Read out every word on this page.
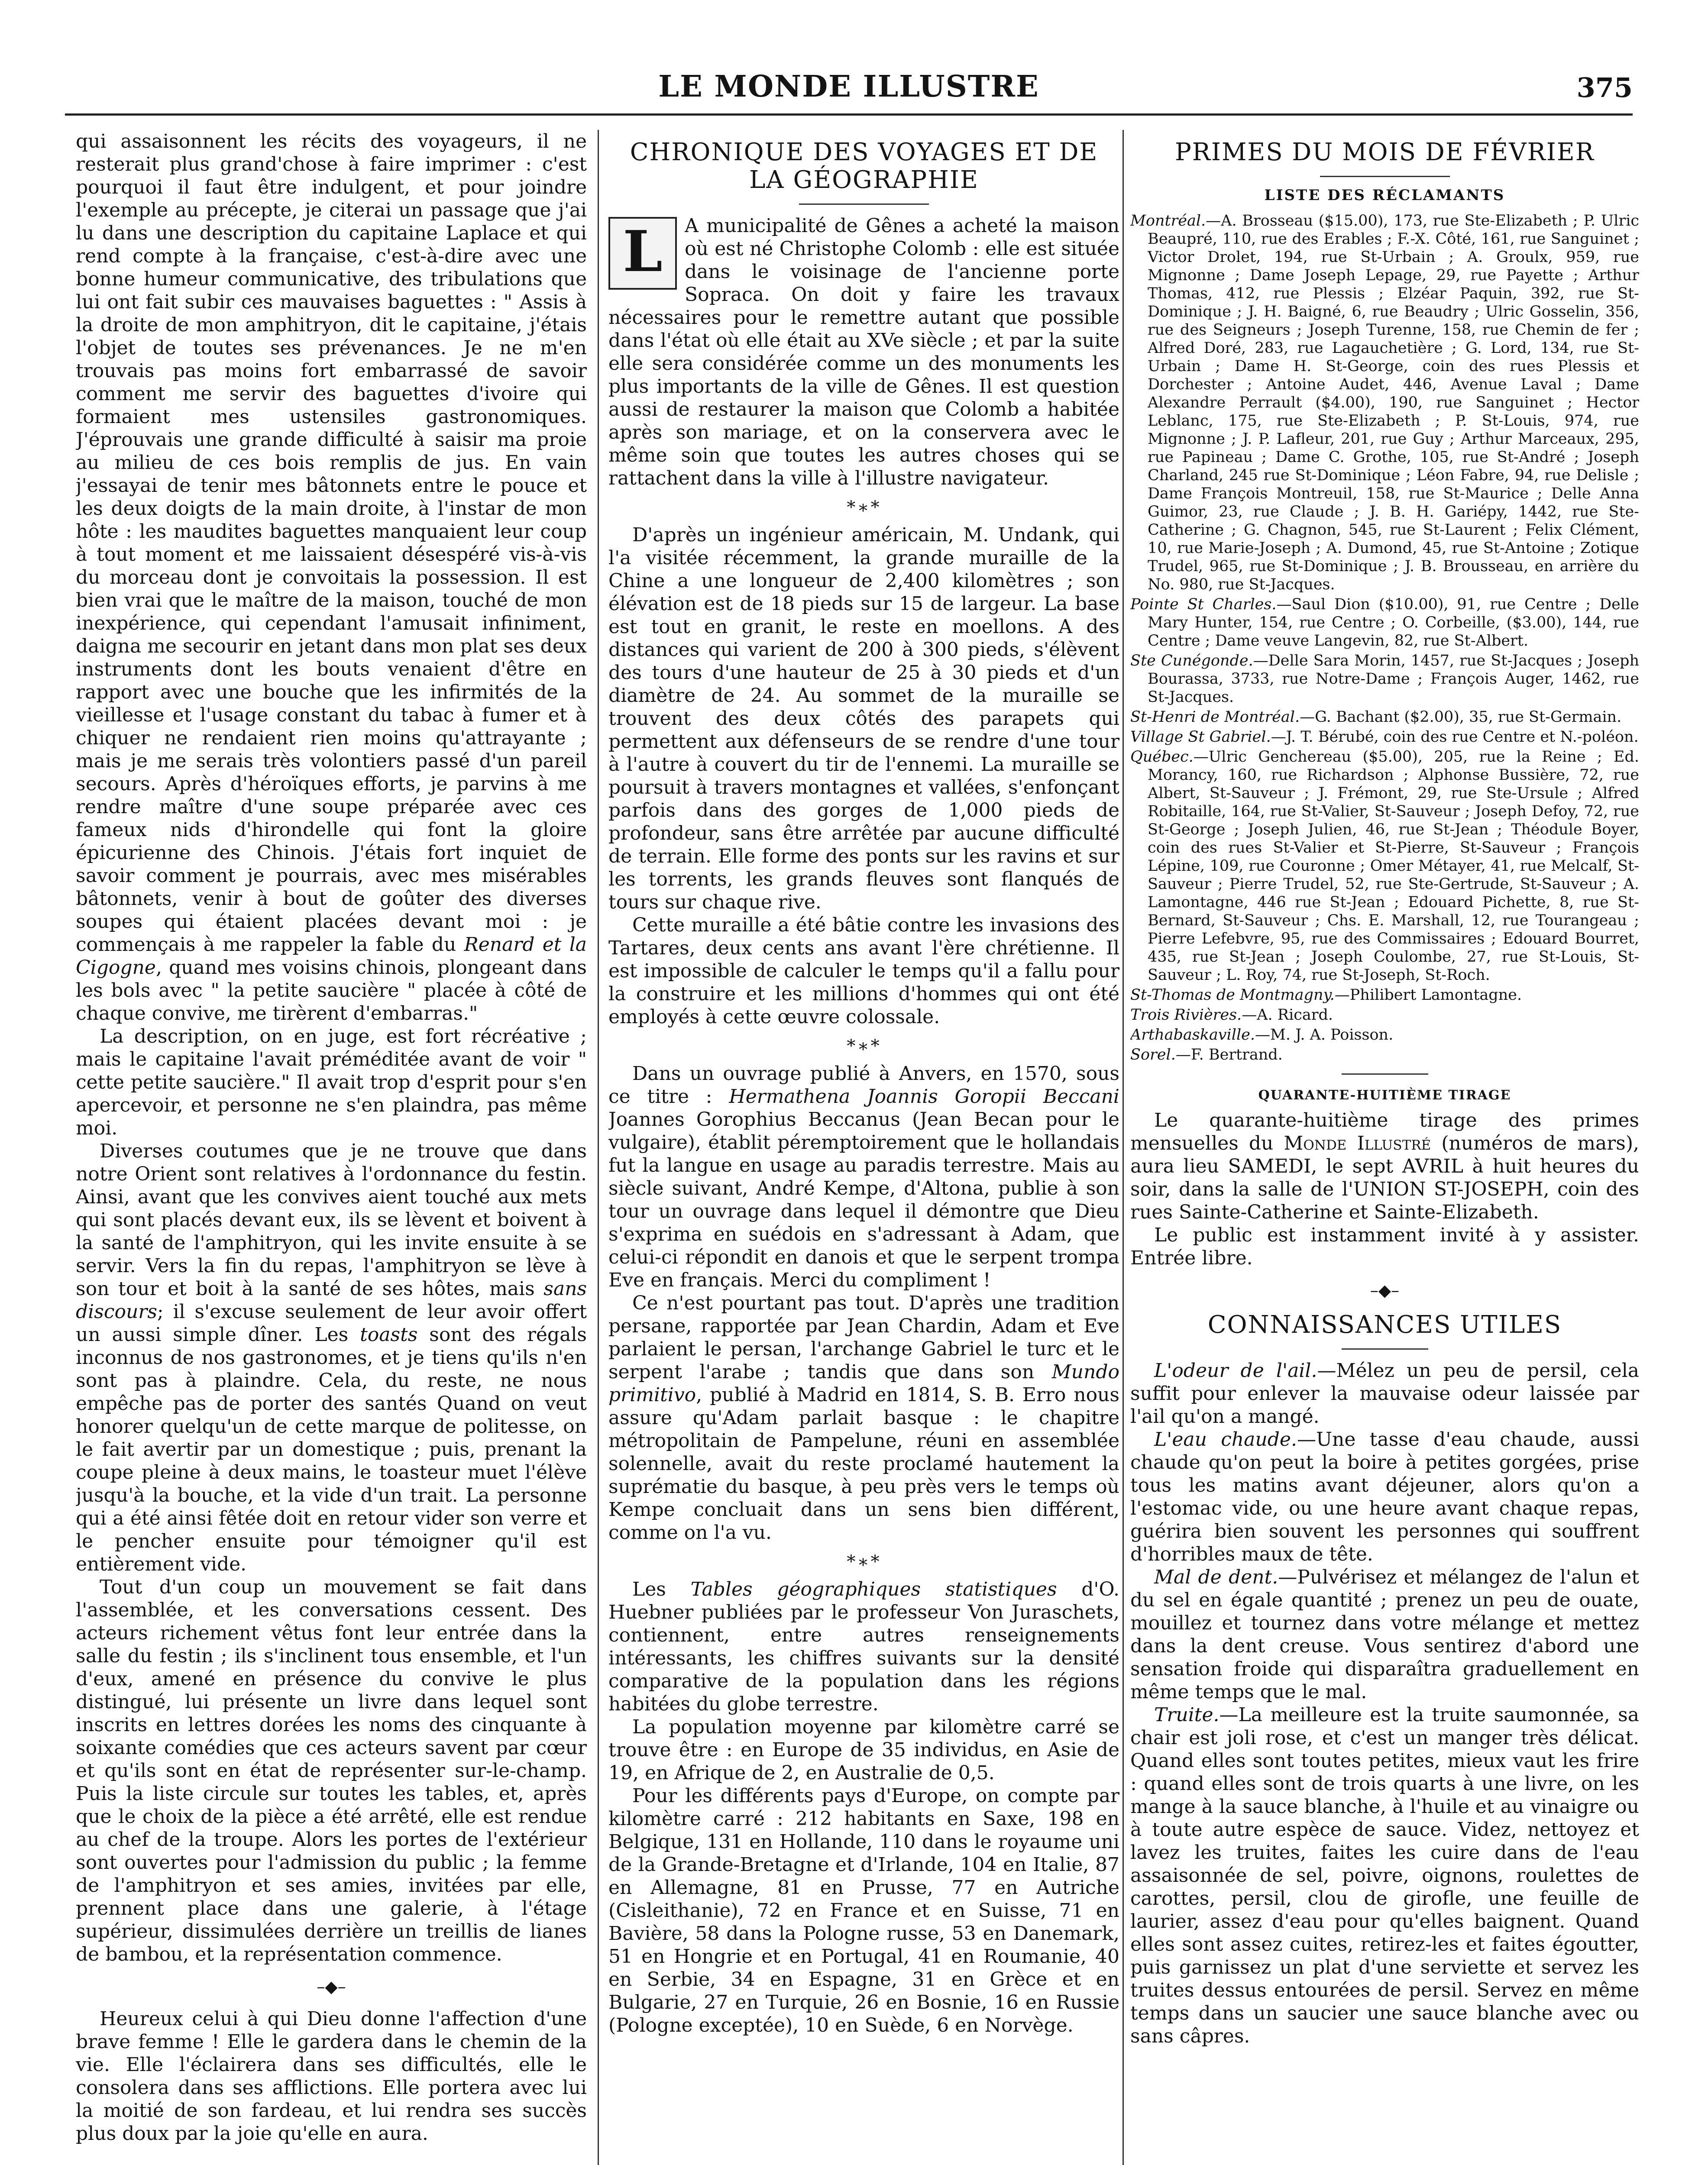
LE MONDE ILLUSTRE	375

qui assaisonnent les récits des voyageurs, il ne resterait plus grand'chose à faire imprimer : c'est pourquoi il faut être indulgent, et pour joindre l'exemple au précepte, je citerai un passage que j'ai lu dans une description du capitaine Laplace et qui rend compte à la française, c'est-à-dire avec une bonne humeur communicative, des tribulations que lui ont fait subir ces mauvaises baguettes : " Assis à la droite de mon amphitryon, dit le capitaine, j'étais l'objet de toutes ses prévenances. Je ne m'en trouvais pas moins fort embarrassé de savoir comment me servir des baguettes d'ivoire qui formaient mes ustensiles gastronomiques. J'éprouvais une grande difficulté à saisir ma proie au milieu de ces bois remplis de jus. En vain j'essayai de tenir mes bâtonnets entre le pouce et les deux doigts de la main droite, à l'instar de mon hôte : les maudites baguettes manquaient leur coup à tout moment et me laissaient désespéré vis-à-vis du morceau dont je convoitais la possession. Il est bien vrai que le maître de la maison, touché de mon inexpérience, qui cependant l'amusait infiniment, daigna me secourir en jetant dans mon plat ses deux instruments dont les bouts venaient d'être en rapport avec une bouche que les infirmités de la vieillesse et l'usage constant du tabac à fumer et à chiquer ne rendaient rien moins qu'attrayante ; mais je me serais très volontiers passé d'un pareil secours. Après d'héroïques efforts, je parvins à me rendre maître d'une soupe préparée avec ces fameux nids d'hirondelle qui font la gloire épicurienne des Chinois. J'étais fort inquiet de savoir comment je pourrais, avec mes misérables bâtonnets, venir à bout de goûter des diverses soupes qui étaient placées devant moi : je commençais à me rappeler la fable du Renard et la Cigogne, quand mes voisins chinois, plongeant dans les bols avec " la petite saucière " placée à côté de chaque convive, me tirèrent d'embarras."

La description, on en juge, est fort récréative ; mais le capitaine l'avait préméditée avant de voir " cette petite saucière." Il avait trop d'esprit pour s'en apercevoir, et personne ne s'en plaindra, pas même moi.

Diverses coutumes que je ne trouve que dans notre Orient sont relatives à l'ordonnance du festin. Ainsi, avant que les convives aient touché aux mets qui sont placés devant eux, ils se lèvent et boivent à la santé de l'amphitryon, qui les invite ensuite à se servir. Vers la fin du repas, l'amphitryon se lève à son tour et boit à la santé de ses hôtes, mais sans discours; il s'excuse seulement de leur avoir offert un aussi simple dîner. Les toasts sont des régals inconnus de nos gastronomes, et je tiens qu'ils n'en sont pas à plaindre. Cela, du reste, ne nous empêche pas de porter des santés Quand on veut honorer quelqu'un de cette marque de politesse, on le fait avertir par un domestique ; puis, prenant la coupe pleine à deux mains, le toasteur muet l'élève jusqu'à la bouche, et la vide d'un trait. La personne qui a été ainsi fêtée doit en retour vider son verre et le pencher ensuite pour témoigner qu'il est entièrement vide.

Tout d'un coup un mouvement se fait dans l'assemblée, et les conversations cessent. Des acteurs richement vêtus font leur entrée dans la salle du festin ; ils s'inclinent tous ensemble, et l'un d'eux, amené en présence du convive le plus distingué, lui présente un livre dans lequel sont inscrits en lettres dorées les noms des cinquante à soixante comédies que ces acteurs savent par cœur et qu'ils sont en état de représenter sur-le-champ. Puis la liste circule sur toutes les tables, et, après que le choix de la pièce a été arrêté, elle est rendue au chef de la troupe. Alors les portes de l'extérieur sont ouvertes pour l'admission du public ; la femme de l'amphitryon et ses amies, invitées par elle, prennent place dans une galerie, à l'étage supérieur, dissimulées derrière un treillis de lianes de bambou, et la représentation commence.

–◆–

Heureux celui à qui Dieu donne l'affection d'une brave femme ! Elle le gardera dans le chemin de la vie. Elle l'éclairera dans ses difficultés, elle le consolera dans ses afflictions. Elle portera avec lui la moitié de son fardeau, et lui rendra ses succès plus doux par la joie qu'elle en aura.

CHRONIQUE DES VOYAGES ET DE LA GÉOGRAPHIE
L	A municipalité de Gênes a acheté la maison où est né Christophe Colomb : elle est située dans le voisinage de l'ancienne porte Sopraca. On doit y faire les travaux nécessaires pour le remettre autant que possible dans l'état où elle était au XVe siècle ; et par la suite elle sera considérée comme un des monuments les plus importants de la ville de Gênes. Il est question aussi de restaurer la maison que Colomb a habitée après son mariage, et on la conservera avec le même soin que toutes les autres choses qui se rattachent dans la ville à l'illustre navigateur.

*∗*

D'après un ingénieur américain, M. Undank, qui l'a visitée récemment, la grande muraille de la Chine a une longueur de 2,400 kilomètres ; son élévation est de 18 pieds sur 15 de largeur. La base est tout en granit, le reste en moellons. A des distances qui varient de 200 à 300 pieds, s'élèvent des tours d'une hauteur de 25 à 30 pieds et d'un diamètre de 24. Au sommet de la muraille se trouvent des deux côtés des parapets qui permettent aux défenseurs de se rendre d'une tour à l'autre à couvert du tir de l'ennemi. La muraille se poursuit à travers montagnes et vallées, s'enfonçant parfois dans des gorges de 1,000 pieds de profondeur, sans être arrêtée par aucune difficulté de terrain. Elle forme des ponts sur les ravins et sur les torrents, les grands fleuves sont flanqués de tours sur chaque rive.

Cette muraille a été bâtie contre les invasions des Tartares, deux cents ans avant l'ère chrétienne. Il est impossible de calculer le temps qu'il a fallu pour la construire et les millions d'hommes qui ont été employés à cette œuvre colossale.

*∗*

Dans un ouvrage publié à Anvers, en 1570, sous ce titre : Hermathena Joannis Goropii Beccani Joannes Gorophius Beccanus (Jean Becan pour le vulgaire), établit péremptoirement que le hollandais fut la langue en usage au paradis terrestre. Mais au siècle suivant, André Kempe, d'Altona, publie à son tour un ouvrage dans lequel il démontre que Dieu s'exprima en suédois en s'adressant à Adam, que celui-ci répondit en danois et que le serpent trompa Eve en français. Merci du compliment !

Ce n'est pourtant pas tout. D'après une tradition persane, rapportée par Jean Chardin, Adam et Eve parlaient le persan, l'archange Gabriel le turc et le serpent l'arabe ; tandis que dans son Mundo primitivo, publié à Madrid en 1814, S. B. Erro nous assure qu'Adam parlait basque : le chapitre métropolitain de Pampelune, réuni en assemblée solennelle, avait du reste proclamé hautement la suprématie du basque, à peu près vers le temps où Kempe concluait dans un sens bien différent, comme on l'a vu.

*∗*

Les Tables géographiques statistiques d'O. Huebner publiées par le professeur Von Juraschets, contiennent, entre autres renseignements intéressants, les chiffres suivants sur la densité comparative de la population dans les régions habitées du globe terrestre.

La population moyenne par kilomètre carré se trouve être : en Europe de 35 individus, en Asie de 19, en Afrique de 2, en Australie de 0,5.

Pour les différents pays d'Europe, on compte par kilomètre carré : 212 habitants en Saxe, 198 en Belgique, 131 en Hollande, 110 dans le royaume uni de la Grande-Bretagne et d'Irlande, 104 en Italie, 87 en Allemagne, 81 en Prusse, 77 en Autriche (Cisleithanie), 72 en France et en Suisse, 71 en Bavière, 58 dans la Pologne russe, 53 en Danemark, 51 en Hongrie et en Portugal, 41 en Roumanie, 40 en Serbie, 34 en Espagne, 31 en Grèce et en Bulgarie, 27 en Turquie, 26 en Bosnie, 16 en Russie (Pologne exceptée), 10 en Suède, 6 en Norvège.

PRIMES DU MOIS DE FÉVRIER
LISTE DES RÉCLAMANTS

Montréal.—A. Brosseau ($15.00), 173, rue Ste-Elizabeth ; P. Ulric Beaupré, 110, rue des Erables ; F.-X. Côté, 161, rue Sanguinet ; Victor Drolet, 194, rue St-Urbain ; A. Groulx, 959, rue Mignonne ; Dame Joseph Lepage, 29, rue Payette ; Arthur Thomas, 412, rue Plessis ; Elzéar Paquin, 392, rue St-Dominique ; J. H. Baigné, 6, rue Beaudry ; Ulric Gosselin, 356, rue des Seigneurs ; Joseph Turenne, 158, rue Chemin de fer ; Alfred Doré, 283, rue Lagauchetière ; G. Lord, 134, rue St-Urbain ; Dame H. St-George, coin des rues Plessis et Dorchester ; Antoine Audet, 446, Avenue Laval ; Dame Alexandre Perrault ($4.00), 190, rue Sanguinet ; Hector Leblanc, 175, rue Ste-Elizabeth ; P. St-Louis, 974, rue Mignonne ; J. P. Lafleur, 201, rue Guy ; Arthur Marceaux, 295, rue Papineau ; Dame C. Grothe, 105, rue St-André ; Joseph Charland, 245 rue St-Dominique ; Léon Fabre, 94, rue Delisle ; Dame François Montreuil, 158, rue St-Maurice ; Delle Anna Guimor, 23, rue Claude ; J. B. H. Gariépy, 1442, rue Ste-Catherine ; G. Chagnon, 545, rue St-Laurent ; Felix Clément, 10, rue Marie-Joseph ; A. Dumond, 45, rue St-Antoine ; Zotique Trudel, 965, rue St-Dominique ; J. B. Brousseau, en arrière du No. 980, rue St-Jacques.

Pointe St Charles.—Saul Dion ($10.00), 91, rue Centre ; Delle Mary Hunter, 154, rue Centre ; O. Corbeille, ($3.00), 144, rue Centre ; Dame veuve Langevin, 82, rue St-Albert.

Ste Cunégonde.—Delle Sara Morin, 1457, rue St-Jacques ; Joseph Bourassa, 3733, rue Notre-Dame ; François Auger, 1462, rue St-Jacques.

St-Henri de Montréal.—G. Bachant ($2.00), 35, rue St-Germain.

Village St Gabriel.—J. T. Bérubé, coin des rue Centre et N.-poléon.

Québec.—Ulric Genchereau ($5.00), 205, rue la Reine ; Ed. Morancy, 160, rue Richardson ; Alphonse Bussière, 72, rue Albert, St-Sauveur ; J. Frémont, 29, rue Ste-Ursule ; Alfred Robitaille, 164, rue St-Valier, St-Sauveur ; Joseph Defoy, 72, rue St-George ; Joseph Julien, 46, rue St-Jean ; Théodule Boyer, coin des rues St-Valier et St-Pierre, St-Sauveur ; François Lépine, 109, rue Couronne ; Omer Métayer, 41, rue Melcalf, St-Sauveur ; Pierre Trudel, 52, rue Ste-Gertrude, St-Sauveur ; A. Lamontagne, 446 rue St-Jean ; Edouard Pichette, 8, rue St-Bernard, St-Sauveur ; Chs. E. Marshall, 12, rue Tourangeau ; Pierre Lefebvre, 95, rue des Commissaires ; Edouard Bourret, 435, rue St-Jean ; Joseph Coulombe, 27, rue St-Louis, St-Sauveur ; L. Roy, 74, rue St-Joseph, St-Roch.

St-Thomas de Montmagny.—Philibert Lamontagne.

Trois Rivières.—A. Ricard.

Arthabaskaville.—M. J. A. Poisson.

Sorel.—F. Bertrand.

QUARANTE-HUITIÈME TIRAGE

Le quarante-huitième tirage des primes mensuelles du Monde Illustré (numéros de mars), aura lieu SAMEDI, le sept AVRIL à huit heures du soir, dans la salle de l'UNION ST-JOSEPH, coin des rues Sainte-Catherine et Sainte-Elizabeth.

Le public est instamment invité à y assister. Entrée libre.

–◆–
CONNAISSANCES UTILES

L'odeur de l'ail.—Mélez un peu de persil, cela suffit pour enlever la mauvaise odeur laissée par l'ail qu'on a mangé.

L'eau chaude.—Une tasse d'eau chaude, aussi chaude qu'on peut la boire à petites gorgées, prise tous les matins avant déjeuner, alors qu'on a l'estomac vide, ou une heure avant chaque repas, guérira bien souvent les personnes qui souffrent d'horribles maux de tête.

Mal de dent.—Pulvérisez et mélangez de l'alun et du sel en égale quantité ; prenez un peu de ouate, mouillez et tournez dans votre mélange et mettez dans la dent creuse. Vous sentirez d'abord une sensation froide qui disparaîtra graduellement en même temps que le mal.

Truite.—La meilleure est la truite saumonnée, sa chair est joli rose, et c'est un manger très délicat. Quand elles sont toutes petites, mieux vaut les frire : quand elles sont de trois quarts à une livre, on les mange à la sauce blanche, à l'huile et au vinaigre ou à toute autre espèce de sauce. Videz, nettoyez et lavez les truites, faites les cuire dans de l'eau assaisonnée de sel, poivre, oignons, roulettes de carottes, persil, clou de girofle, une feuille de laurier, assez d'eau pour qu'elles baignent. Quand elles sont assez cuites, retirez-les et faites égoutter, puis garnissez un plat d'une serviette et servez les truites dessus entourées de persil. Servez en même temps dans un saucier une sauce blanche avec ou sans câpres.
